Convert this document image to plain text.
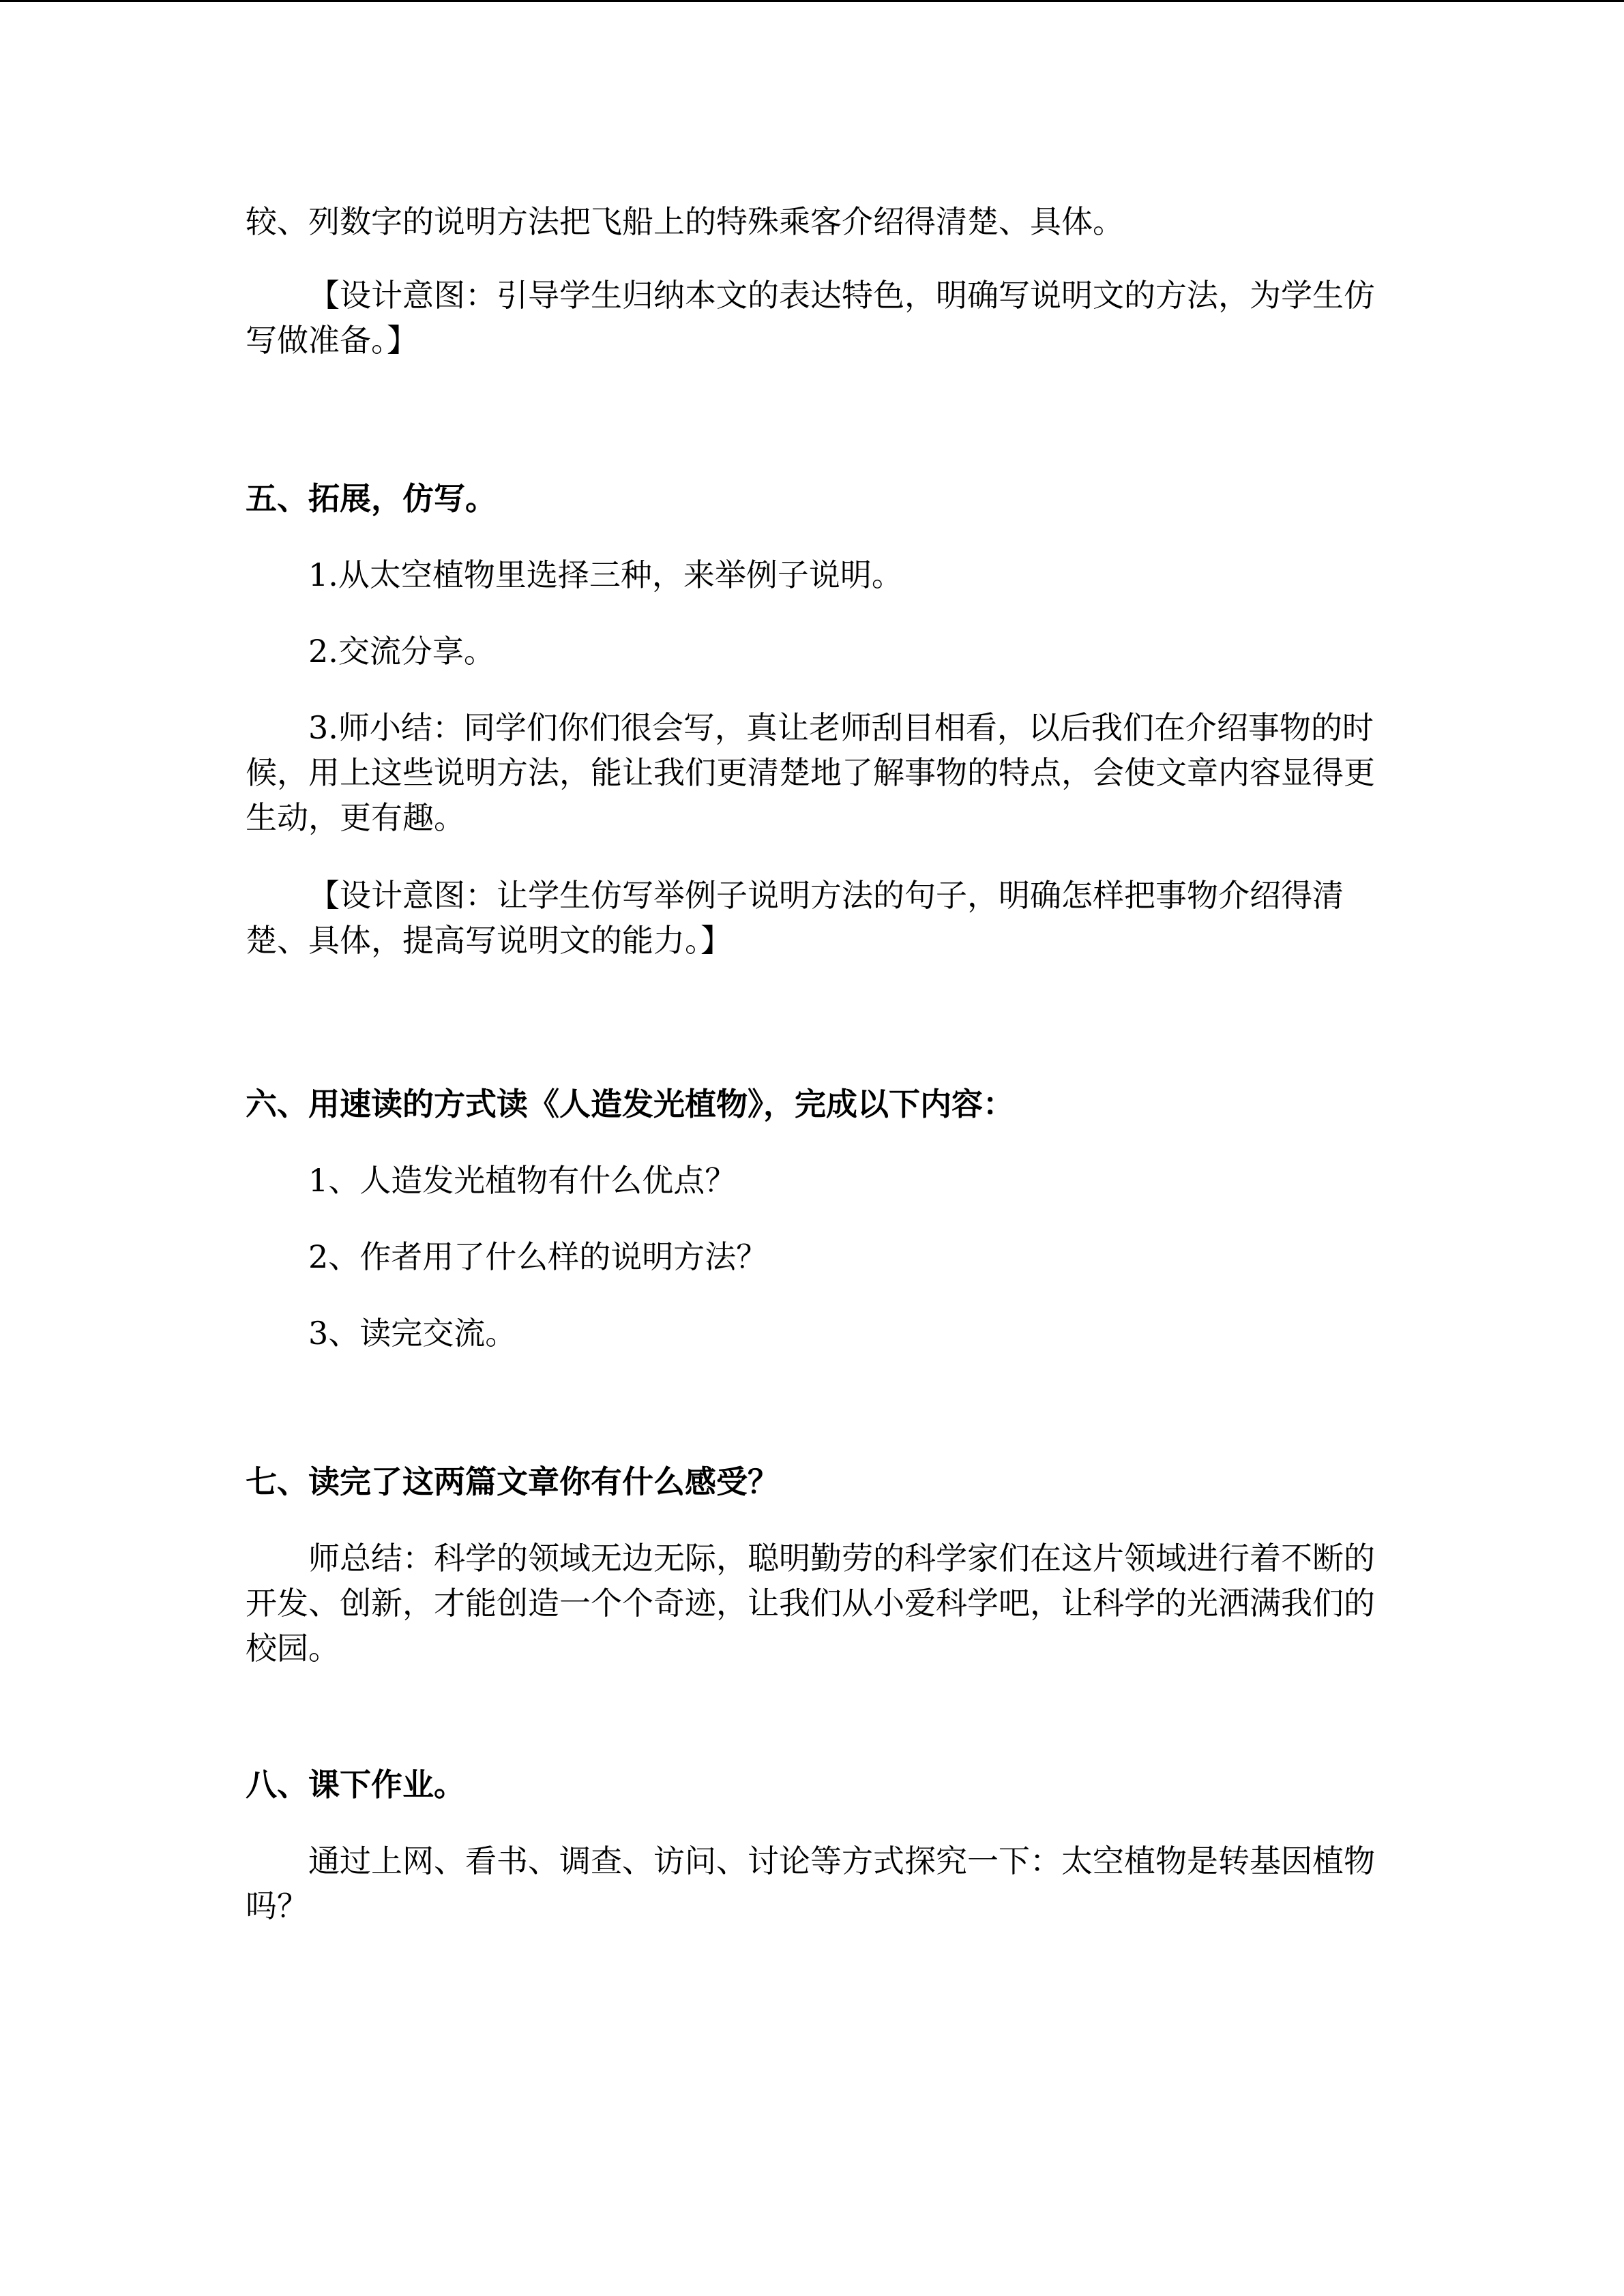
较、列数字的说明方法把飞船上的特殊乘客介绍得清楚、具体。

【设计意图：引导学生归纳本文的表达特色，明确写说明文的方法，为学生仿写做准备。】

五、拓展，仿写。

1.从太空植物里选择三种，来举例子说明。

2.交流分享。

3.师小结：同学们你们很会写，真让老师刮目相看，以后我们在介绍事物的时候，用上这些说明方法，能让我们更清楚地了解事物的特点，会使文章内容显得更生动，更有趣。

【设计意图：让学生仿写举例子说明方法的句子，明确怎样把事物介绍得清楚、具体，提高写说明文的能力。】

六、用速读的方式读《人造发光植物》，完成以下内容：

1、人造发光植物有什么优点？

2、作者用了什么样的说明方法？

3、读完交流。

七、读完了这两篇文章你有什么感受？

师总结：科学的领域无边无际，聪明勤劳的科学家们在这片领域进行着不断的开发、创新，才能创造一个个奇迹，让我们从小爱科学吧，让科学的光洒满我们的校园。

八、课下作业。

通过上网、看书、调查、访问、讨论等方式探究一下：太空植物是转基因植物吗？
